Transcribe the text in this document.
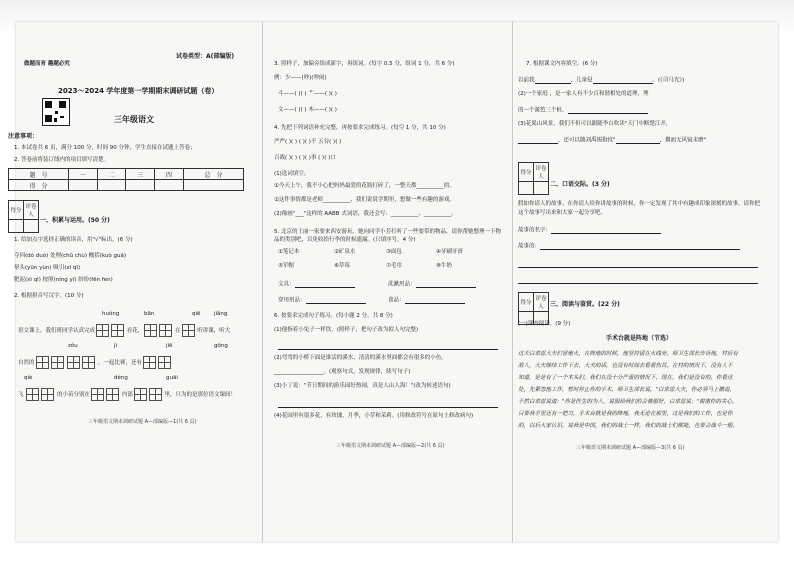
试卷类型：A(部编版)
做题而育 趣题必究
2023～2024 学年度第一学期期末调研试题（卷）
三年级语文
注意事项：
1. 本试卷共 6 页，满分 100 分，时间 90 分钟，学生直接在试题上答卷；
2. 答卷前将装订线内的项目填写清楚。
题　号	一	二	三	四	总　分
得　分					
得分	评卷人

一、积累与运用。(50 分)
1. 给加点字选择正确的读音，用"√"标出。(6 分)
夺回(dó duó) 处理(chǔ chù) 概括(kuò guā)
晕头(yūn yùn) 吸引(xī qī)
肥泥(xì qì) 按照(níng yí) 纷纷(fēn fen)
2. 根据拼音写汉字。(10 分)
huǒng	bān	qiē jiǎng
语文课上，我们班同学认真完成	看花，	在	听讲课，听大
zǒu	jì	jiē	gōng
自然的	，一起比赛，还有
qiè	dèng	guāi
飞	的小苗分别在	内部	里，只为的是那位语文课间！
三年级语文期末调研试题 A—部编版—1(共 6 页)
3. 照样子，加偏旁组成新字，再组词。(每字 0.5 分，组词 1 分，共 6 分)
例：少——(吵)(吵闹)
斗——( )( ) 艹——( )( )
文——( )( ) 木——( )( )
4. 先把下列词语补充完整，再按要求完成练习。(每空 1 分，共 10 分)
严严( )( ) ( )( )不 五谷( )( )
百战( )( ) ( )( )事 ( )( )口
(1)选词填空。
①今天上午，我不小心把妈妈最爱的花瓶打碎了，一整天都__________的。
②这件事情都是老师__________，我们说说学期里，想做一些有趣的游戏。
(2)像画"___"这样的 AABB 式词语，我还会写：__________、__________。
5. 北京的王丽一家要来西安游玩，她向同学小芳打听了一些要带的物品，请你帮她整理一下物品的类别吧，以免收拾行李的时候遗漏。(只填序号，4 分)
①笔记本	②矿泉水	③面包	④牙刷牙膏
⑤军帽	⑥草莓	⑦毛巾	⑧牛奶
文具：	洗漱用品：
穿用用品：	食品：
6. 按要求完成句子练习。(每小题 2 分，共 8 分)
(1)他指着小兔子一样饮。(照样子，把句子改为拟人句完整)
(2)弯弯的小桥下面是谁活的溪水，清清的溪水里面都会有很多的小鱼。
__________________。(观察句式，发现规律，续写句子)
(3)小丁说："节日期间的游乐园好热闹，真是人山人海！"(改为转述语句)
(4)花园里有很多花，有玫瑰，月季，小草和茉莉。(用修改符号在原句上修改病句)
三年级语文期末调研试题 A—部编版—2(共 6 页)
7. 根据课文内容填空。(6 分)
以前我	，儿童侵	。(《司马光》)
(2)一个家庭 ，是一家人有不少百和谐相处的道理，埋
的一个篱笆三个桩，
(3)花果山风景，我们不但可以跟随李白吹读"天门中断楚江开，
，还可以随刘禹锡指纹"	，撂面无风镜未磨"
得分	评卷人

二、口语交际。(3 分)
假如你请人的故事。在你请人给你讲故事的时候，你一定发现了其中有趣成印象深刻的故事，请你把这个故事写出来和大家一起分享吧。
故事的名字：
故事的：
得分	评卷人
	三、阅读与鉴赏。(22 分)
(一)课内阅读。(9 分)
手术台就是阵地（节选）
这天白求恩大夫们冒炮火，在阵地的时候，他坚持留在火线旁。师卫生部长告诉他，村后有
敌人，大夫继续工作下去，大夫的话，也没有时间去看看伤员。在村的情况下，没有人不
知道，是是有了一个木头们，我们在没十分严重的情况下，现在，我们是没有的，你看这
处，先紧忽他工作，暂时停止你的手术，师卫生部长说，"白求恩大夫，你必须马上撤退，
不然白求恩说道："你是医生的为人，说服给我们的会被服好，白求恩说："谢谢你的关心。
只要我手里还有一把刀，手术台就是我的阵地，我无论在那里，这是我们的工作，也是你
的，以后大家认识，说我是中国，我们的战士一样，我们的战士们都能，也要会战斗一般。
三年级语文期末调研试题 A—部编版—3(共 6 页)
